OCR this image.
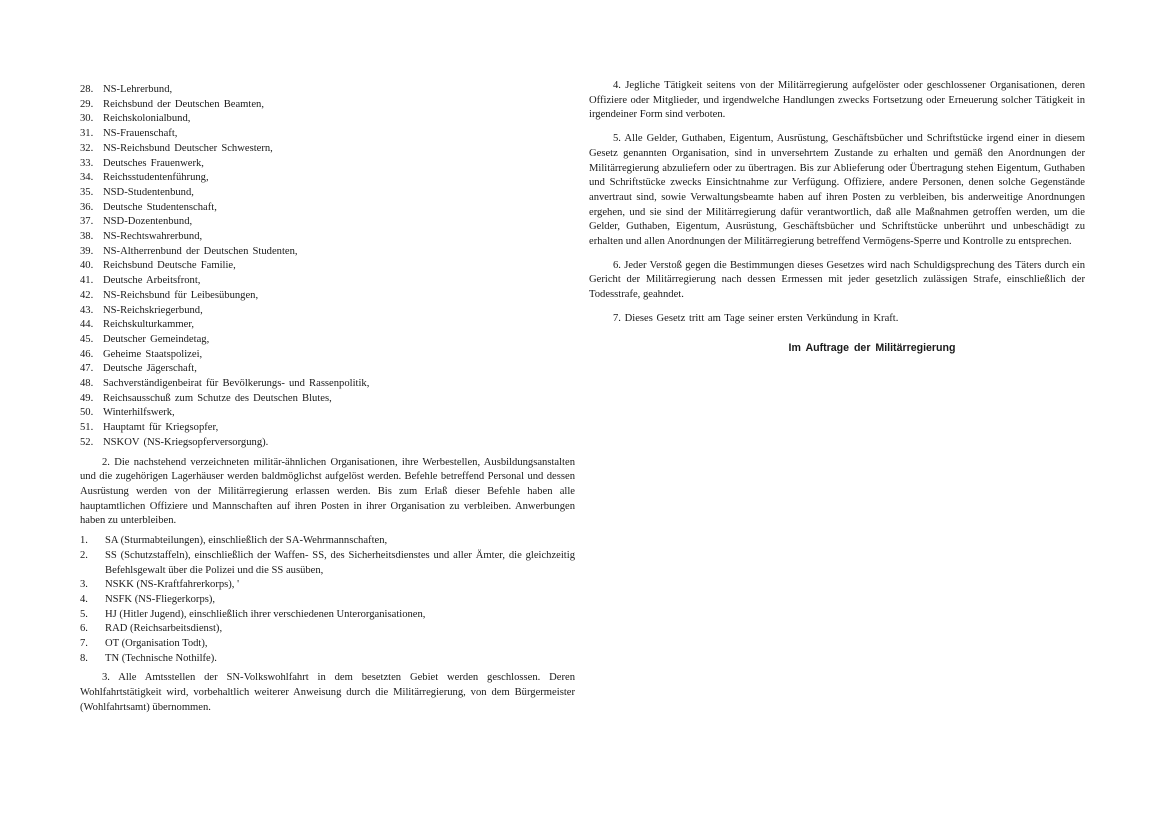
28. NS-Lehrerbund,
29. Reichsbund der Deutschen Beamten,
30. Reichskolonialbund,
31. NS-Frauenschaft,
32. NS-Reichsbund Deutscher Schwestern,
33. Deutsches Frauenwerk,
34. Reichsstudentenführung,
35. NSD-Studentenbund,
36. Deutsche Studentenschaft,
37. NSD-Dozentenbund,
38. NS-Rechtswahrerbund,
39. NS-Altherrenbund der Deutschen Studenten,
40. Reichsbund Deutsche Familie,
41. Deutsche Arbeitsfront,
42. NS-Reichsbund für Leibesübungen,
43. NS-Reichskriegerbund,
44. Reichskulturkammer,
45. Deutscher Gemeindetag,
46. Geheime Staatspolizei,
47. Deutsche Jägerschaft,
48. Sachverständigenbeirat für Bevölkerungs- und Rassenpolitik,
49. Reichsausschuß zum Schutze des Deutschen Blutes,
50. Winterhilfswerk,
51. Hauptamt für Kriegsopfer,
52. NSKOV (NS-Kriegsopferversorgung).

2. Die nachstehend verzeichneten militär-ähnlichen Organisationen, ihre Werbestellen, Ausbildungsanstalten und die zugehörigen Lagerhäuser werden baldmöglichst aufgelöst werden. Befehle betreffend Personal und dessen Ausrüstung werden von der Militärregierung erlassen werden. Bis zum Erlaß dieser Befehle haben alle hauptamtlichen Offiziere und Mannschaften auf ihren Posten in ihrer Organisation zu verbleiben. Anwerbungen haben zu unterbleiben.

1.	SA (Sturmabteilungen), einschließlich der SA-Wehrmannschaften,
2.	SS (Schutzstaffeln), einschließlich der Waffen- SS, des Sicherheitsdienstes und aller Ämter, die gleichzeitig Befehlsgewalt über die Polizei und die SS ausüben,
3.	NSKK (NS-Kraftfahrerkorps), '
4.	NSFK (NS-Fliegerkorps),
5.	HJ (Hitler Jugend), einschließlich ihrer verschiedenen Unterorganisationen,
6.	RAD (Reichsarbeitsdienst),
7.	OT (Organisation Todt),
8.	TN (Technische Nothilfe).

3. Alle Amtsstellen der SN-Volkswohlfahrt in dem besetzten Gebiet werden geschlossen. Deren Wohlfahrtstätigkeit wird, vorbehaltlich weiterer Anweisung durch die Militärregierung, von dem Bürgermeister (Wohlfahrtsamt) übernommen.

4. Jegliche Tätigkeit seitens von der Militärregierung aufgelöster oder geschlossener Organisationen, deren Offiziere oder Mitglieder, und irgendwelche Handlungen zwecks Fortsetzung oder Erneuerung solcher Tätigkeit in irgendeiner Form sind verboten.

5. Alle Gelder, Guthaben, Eigentum, Ausrüstung, Geschäftsbücher und Schriftstücke irgend einer in diesem Gesetz genannten Organisation, sind in unversehrtem Zustande zu erhalten und gemäß den Anordnungen der Militärregierung abzuliefern oder zu übertragen. Bis zur Ablieferung oder Übertragung stehen Eigentum, Guthaben und Schriftstücke zwecks Einsichtnahme zur Verfügung. Offiziere, andere Personen, denen solche Gegenstände anvertraut sind, sowie Verwaltungsbeamte haben auf ihren Posten zu verbleiben, bis anderweitige Anordnungen ergehen, und sie sind der Militärregierung dafür verantwortlich, daß alle Maßnahmen getroffen werden, um die Gelder, Guthaben, Eigentum, Ausrüstung, Geschäftsbücher und Schriftstücke unberührt und unbeschädigt zu erhalten und allen Anordnungen der Militärregierung betreffend Vermögens-Sperre und Kontrolle zu entsprechen.

6. Jeder Verstoß gegen die Bestimmungen dieses Gesetzes wird nach Schuldigsprechung des Täters durch ein Gericht der Militärregierung nach dessen Ermessen mit jeder gesetzlich zulässigen Strafe, einschließlich der Todesstrafe, geahndet.

7. Dieses Gesetz tritt am Tage seiner ersten Verkündung in Kraft.

Im Auftrage der Militärregierung
